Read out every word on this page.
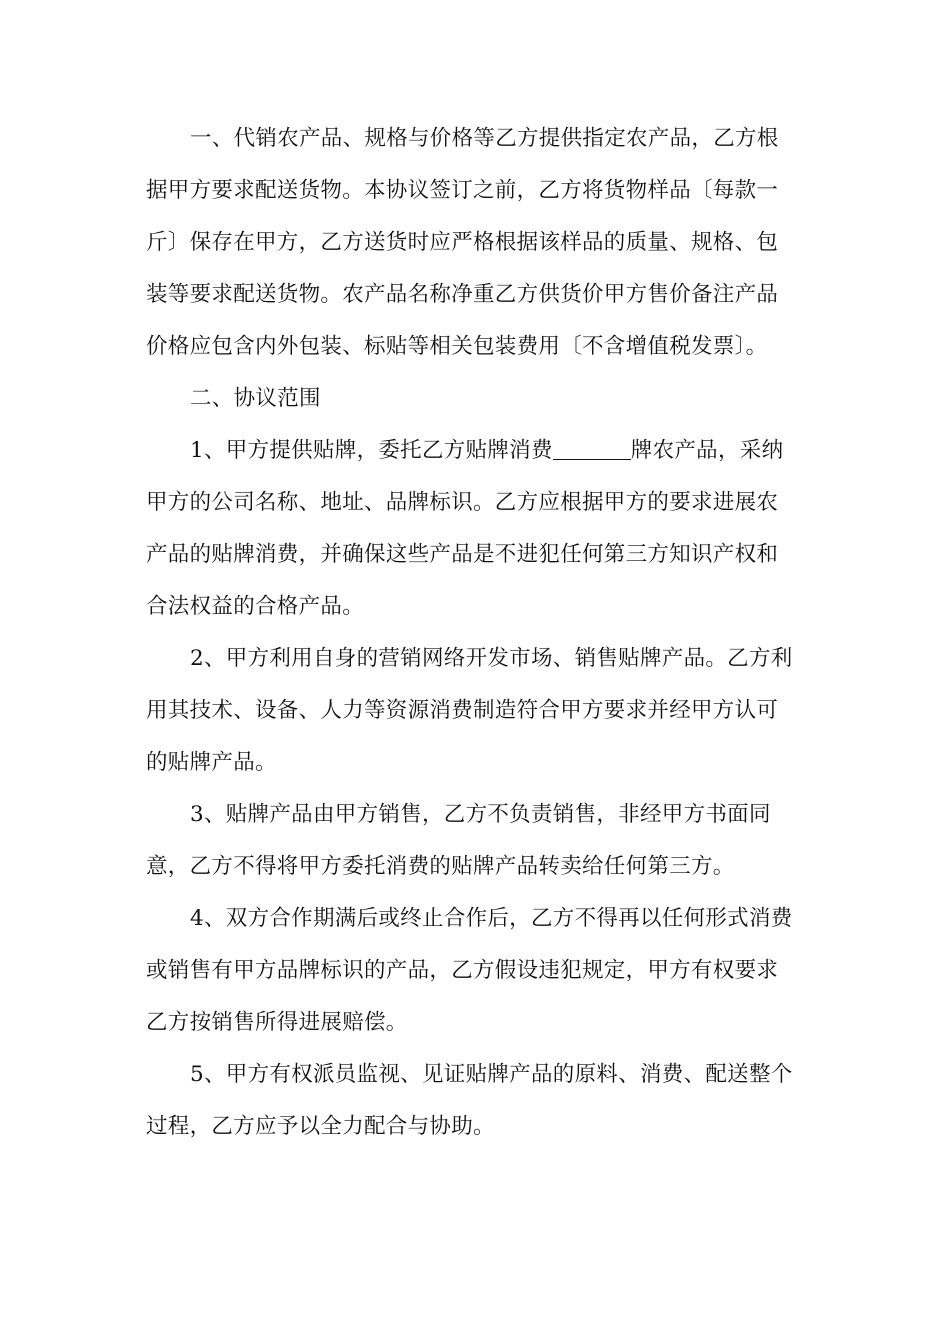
一、代销农产品、规格与价格等乙方提供指定农产品，乙方根
据甲方要求配送货物。本协议签订之前，乙方将货物样品〔每款一
斤〕保存在甲方，乙方送货时应严格根据该样品的质量、规格、包
装等要求配送货物。农产品名称净重乙方供货价甲方售价备注产品
价格应包含内外包装、标贴等相关包装费用〔不含增值税发票〕。
二、协议范围
1、甲方提供贴牌，委托乙方贴牌消费	牌农产品，采纳
甲方的公司名称、地址、品牌标识。乙方应根据甲方的要求进展农
产品的贴牌消费，并确保这些产品是不进犯任何第三方知识产权和
合法权益的合格产品。
2、甲方利用自身的营销网络开发市场、销售贴牌产品。乙方利
用其技术、设备、人力等资源消费制造符合甲方要求并经甲方认可
的贴牌产品。
3、贴牌产品由甲方销售，乙方不负责销售，非经甲方书面同
意，乙方不得将甲方委托消费的贴牌产品转卖给任何第三方。
4、双方合作期满后或终止合作后，乙方不得再以任何形式消费
或销售有甲方品牌标识的产品，乙方假设违犯规定，甲方有权要求
乙方按销售所得进展赔偿。
5、甲方有权派员监视、见证贴牌产品的原料、消费、配送整个
过程，乙方应予以全力配合与协助。
